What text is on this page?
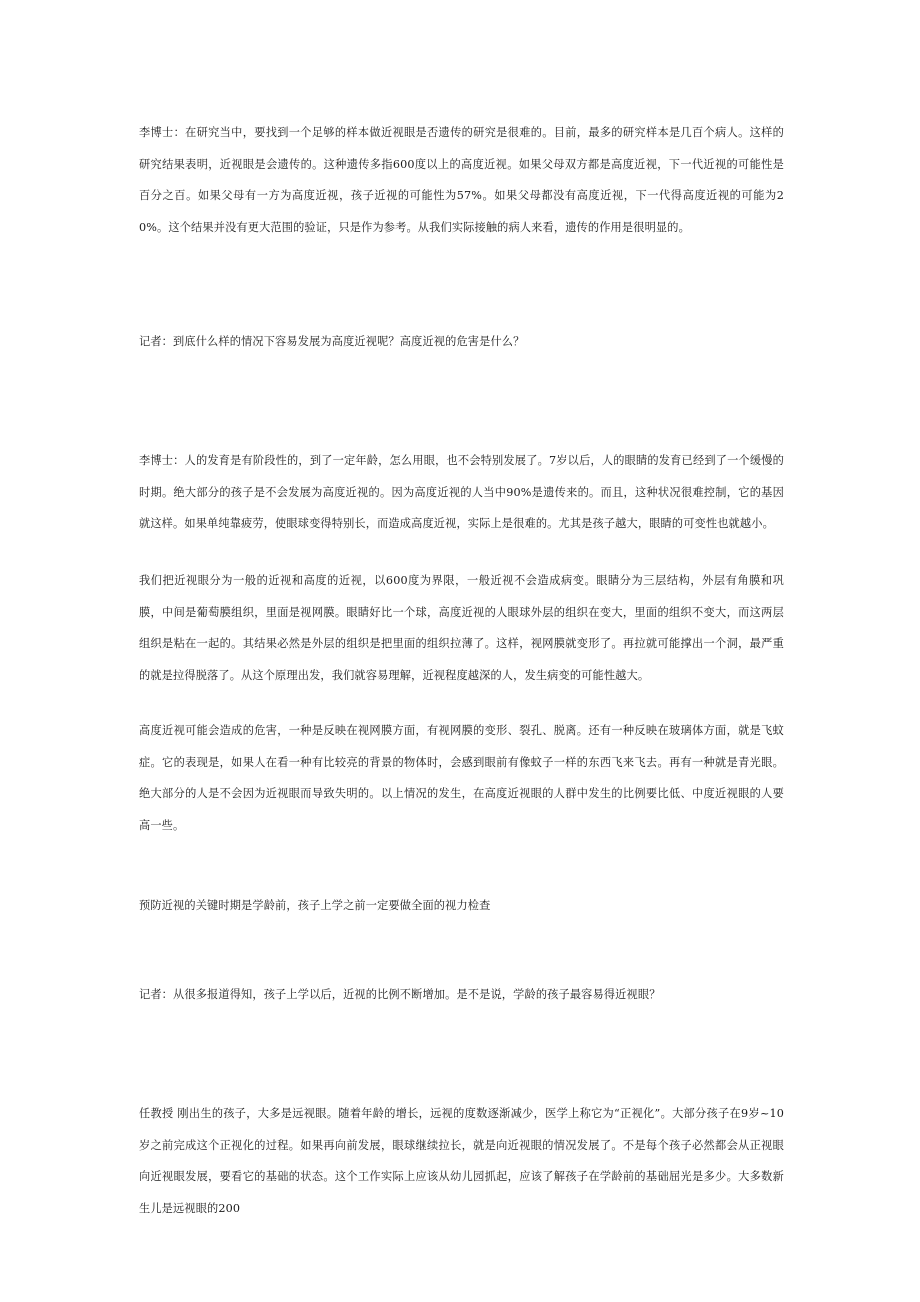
李博士：在研究当中，要找到一个足够的样本做近视眼是否遗传的研究是很难的。目前，最多的研究样本是几百个病人。这样的研究结果表明，近视眼是会遗传的。这种遗传多指600度以上的高度近视。如果父母双方都是高度近视，下一代近视的可能性是百分之百。如果父母有一方为高度近视，孩子近视的可能性为57%。如果父母都没有高度近视，下一代得高度近视的可能为20%。这个结果并没有更大范围的验证，只是作为参考。从我们实际接触的病人来看，遗传的作用是很明显的。

记者：到底什么样的情况下容易发展为高度近视呢？高度近视的危害是什么？

李博士：人的发育是有阶段性的，到了一定年龄，怎么用眼，也不会特别发展了。7岁以后，人的眼睛的发育已经到了一个缓慢的时期。绝大部分的孩子是不会发展为高度近视的。因为高度近视的人当中90%是遗传来的。而且，这种状况很难控制，它的基因就这样。如果单纯靠疲劳，使眼球变得特别长，而造成高度近视，实际上是很难的。尤其是孩子越大，眼睛的可变性也就越小。

我们把近视眼分为一般的近视和高度的近视，以600度为界限，一般近视不会造成病变。眼睛分为三层结构，外层有角膜和巩膜，中间是葡萄膜组织，里面是视网膜。眼睛好比一个球，高度近视的人眼球外层的组织在变大，里面的组织不变大，而这两层组织是粘在一起的。其结果必然是外层的组织是把里面的组织拉薄了。这样，视网膜就变形了。再拉就可能撑出一个洞，最严重的就是拉得脱落了。从这个原理出发，我们就容易理解，近视程度越深的人，发生病变的可能性越大。

高度近视可能会造成的危害，一种是反映在视网膜方面，有视网膜的变形、裂孔、脱离。还有一种反映在玻璃体方面，就是飞蚊症。它的表现是，如果人在看一种有比较亮的背景的物体时，会感到眼前有像蚊子一样的东西飞来飞去。再有一种就是青光眼。绝大部分的人是不会因为近视眼而导致失明的。以上情况的发生，在高度近视眼的人群中发生的比例要比低、中度近视眼的人要高一些。

预防近视的关键时期是学龄前，孩子上学之前一定要做全面的视力检查

记者：从很多报道得知，孩子上学以后，近视的比例不断增加。是不是说，学龄的孩子最容易得近视眼？

任教授 刚出生的孩子，大多是远视眼。随着年龄的增长，远视的度数逐渐减少，医学上称它为“正视化”。大部分孩子在9岁~10岁之前完成这个正视化的过程。如果再向前发展，眼球继续拉长，就是向近视眼的情况发展了。不是每个孩子必然都会从正视眼向近视眼发展，要看它的基础的状态。这个工作实际上应该从幼儿园抓起，应该了解孩子在学龄前的基础屈光是多少。大多数新生儿是远视眼的200
